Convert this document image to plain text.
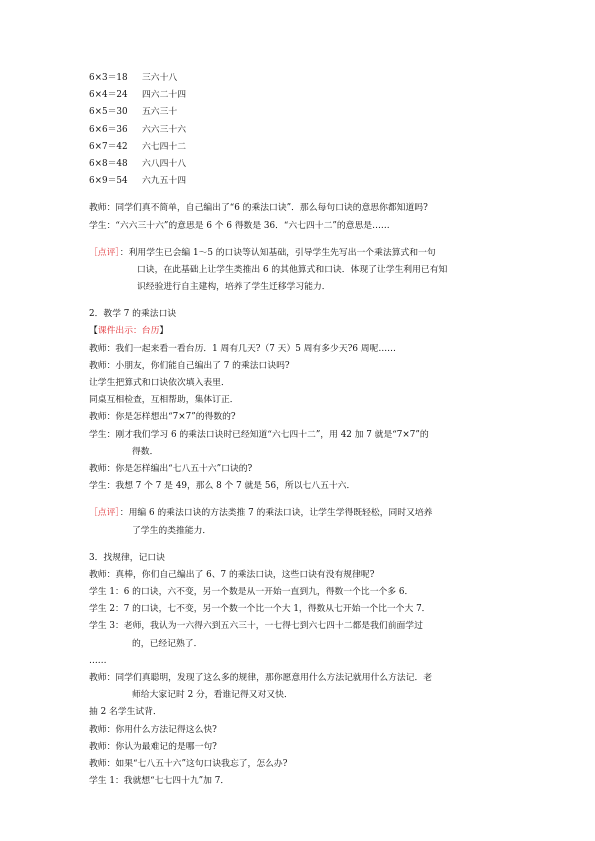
6×3＝18 三六十八
6×4＝24 四六二十四
6×5＝30 五六三十
6×6＝36 六六三十六
6×7＝42 六七四十二
6×8＝48 六八四十八
6×9＝54 六九五十四
教师：同学们真不简单，自己编出了“6 的乘法口诀”．那么每句口诀的意思你都知道吗?
学生：“六六三十六”的意思是 6 个 6 得数是 36．“六七四十二”的意思是……
［点评］：利用学生已会编 1～5 的口诀等认知基础，引导学生先写出一个乘法算式和一句
口诀，在此基础上让学生类推出 6 的其他算式和口诀．体现了让学生利用已有知
识经验进行自主建构，培养了学生迁移学习能力．
2．教学 7 的乘法口诀
【课件出示：台历】
教师：我们一起来看一看台历．1 周有几天?（7 天）5 周有多少天?6 周呢……
教师：小朋友，你们能自己编出了 7 的乘法口诀吗?
让学生把算式和口诀依次填入表里．
同桌互相检查，互相帮助，集体订正．
教师：你是怎样想出“7×7”的得数的?
学生：刚才我们学习 6 的乘法口诀时已经知道“六七四十二”，用 42 加 7 就是“7×7”的
得数．
教师：你是怎样编出“七八五十六”口诀的?
学生：我想 7 个 7 是 49，那么 8 个 7 就是 56，所以七八五十六．
［点评］：用编 6 的乘法口诀的方法类推 7 的乘法口诀，让学生学得既轻松，同时又培养
了学生的类推能力．
3．找规律，记口诀
教师：真棒，你们自己编出了 6、7 的乘法口诀，这些口诀有没有规律呢?
学生 1：6 的口诀，六不变，另一个数是从一开始一直到九，得数一个比一个多 6．
学生 2：7 的口诀，七不变，另一个数一个比一个大 1，得数从七开始一个比一个大 7．
学生 3：老师，我认为一六得六到五六三十，一七得七到六七四十二都是我们前面学过
的，已经记熟了．
……
教师：同学们真聪明，发现了这么多的规律，那你愿意用什么方法记就用什么方法记．老
师给大家记时 2 分，看谁记得又对又快．
抽 2 名学生试背．
教师：你用什么方法记得这么快?
教师：你认为最难记的是哪一句?
教师：如果“七八五十六”这句口诀我忘了，怎么办?
学生 1：我就想“七七四十九”加 7．
